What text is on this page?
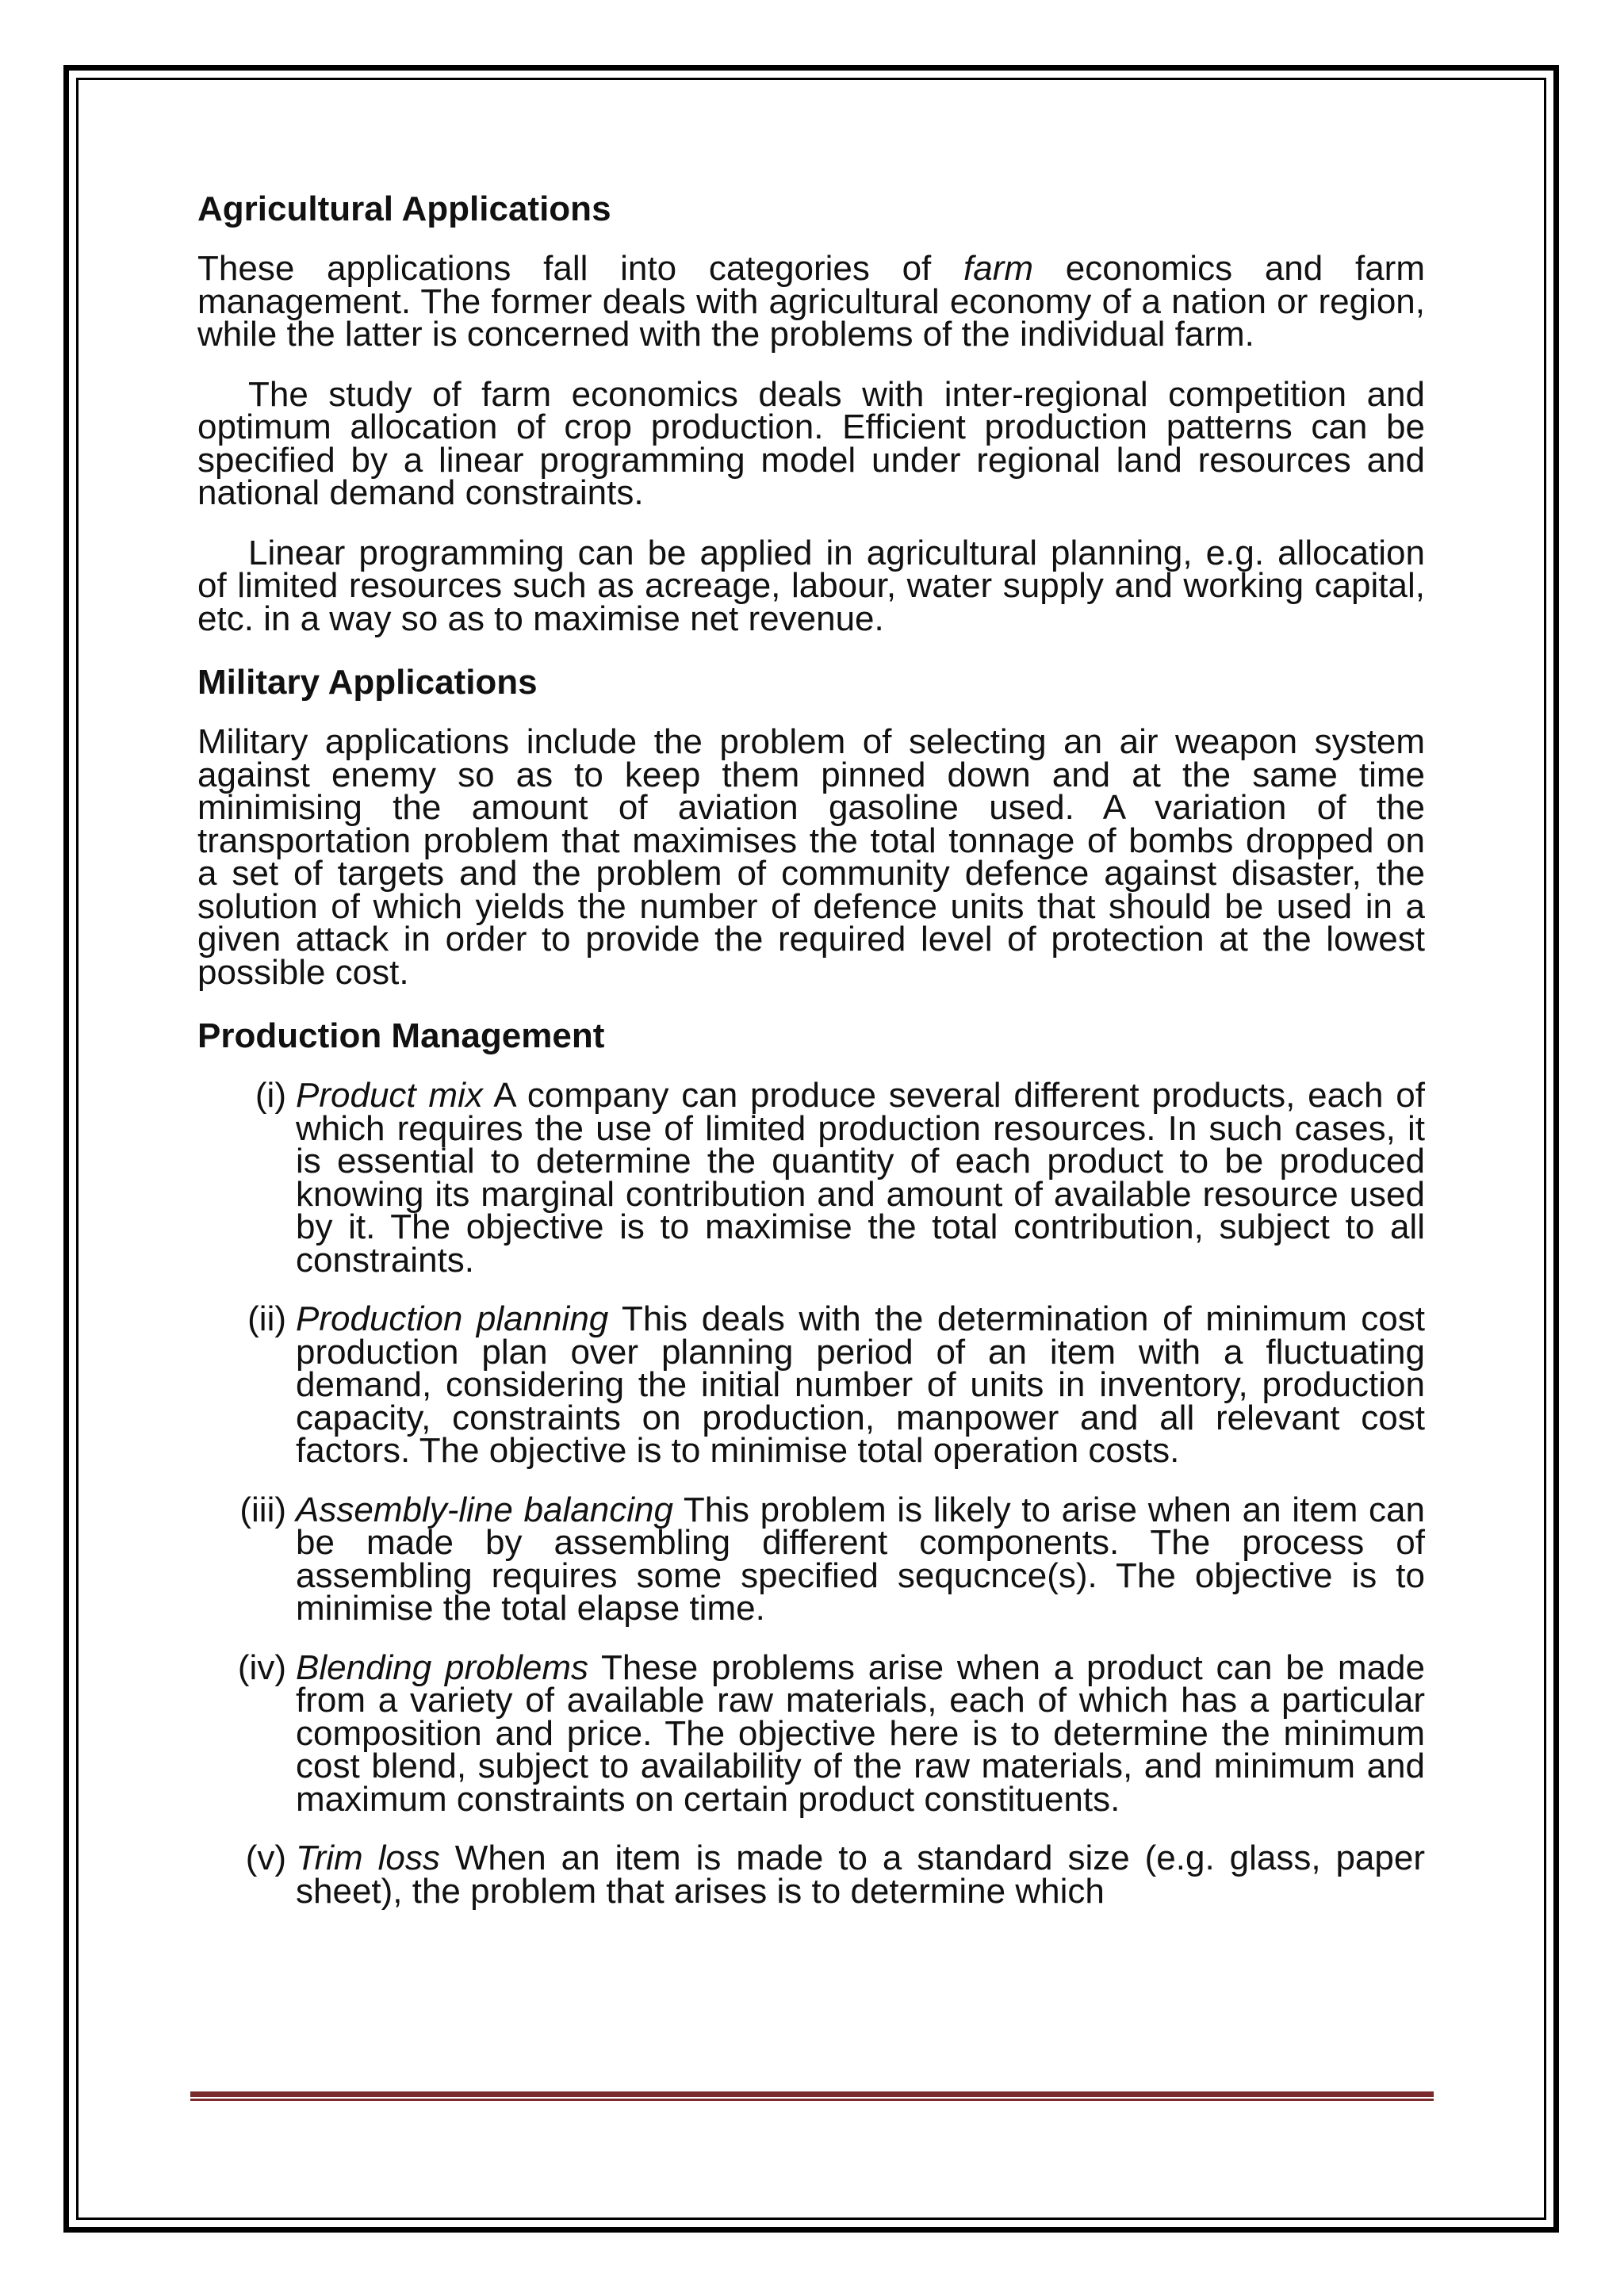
Agricultural Applications

These applications fall into categories of farm economics and farm management. The former deals with agricultural economy of a nation or region, while the latter is concerned with the problems of the individual farm.

The study of farm economics deals with inter-regional competition and optimum allocation of crop production. Efficient production patterns can be specified by a linear programming model under regional land resources and national demand constraints.

Linear programming can be applied in agricultural planning, e.g. allocation of limited resources such as acreage, labour, water supply and working capital, etc. in a way so as to maximise net revenue.

Military Applications

Military applications include the problem of selecting an air weapon system against enemy so as to keep them pinned down and at the same time minimising the amount of aviation gasoline used. A variation of the transportation problem that maximises the total tonnage of bombs dropped on a set of targets and the problem of community defence against disaster, the solution of which yields the number of defence units that should be used in a given attack in order to provide the required level of protection at the lowest possible cost.

Production Management
(i) Product mix A company can produce several different products, each of which requires the use of limited production resources. In such cases, it is essential to determine the quantity of each product to be produced knowing its marginal contribution and amount of available resource used by it. The objective is to maximise the total contribution, subject to all constraints.
(ii) Production planning This deals with the determination of minimum cost production plan over planning period of an item with a fluctuating demand, considering the initial number of units in inventory, production capacity, constraints on production, manpower and all relevant cost factors. The objective is to minimise total operation costs.
(iii) Assembly-line balancing This problem is likely to arise when an item can be made by assembling different components. The process of assembling requires some specified sequcnce(s). The objective is to minimise the total elapse time.
(iv) Blending problems These problems arise when a product can be made from a variety of available raw materials, each of which has a particular composition and price. The objective here is to determine the minimum cost blend, subject to availability of the raw materials, and minimum and maximum constraints on certain product constituents.
(v) Trim loss When an item is made to a standard size (e.g. glass, paper sheet), the problem that arises is to determine which
